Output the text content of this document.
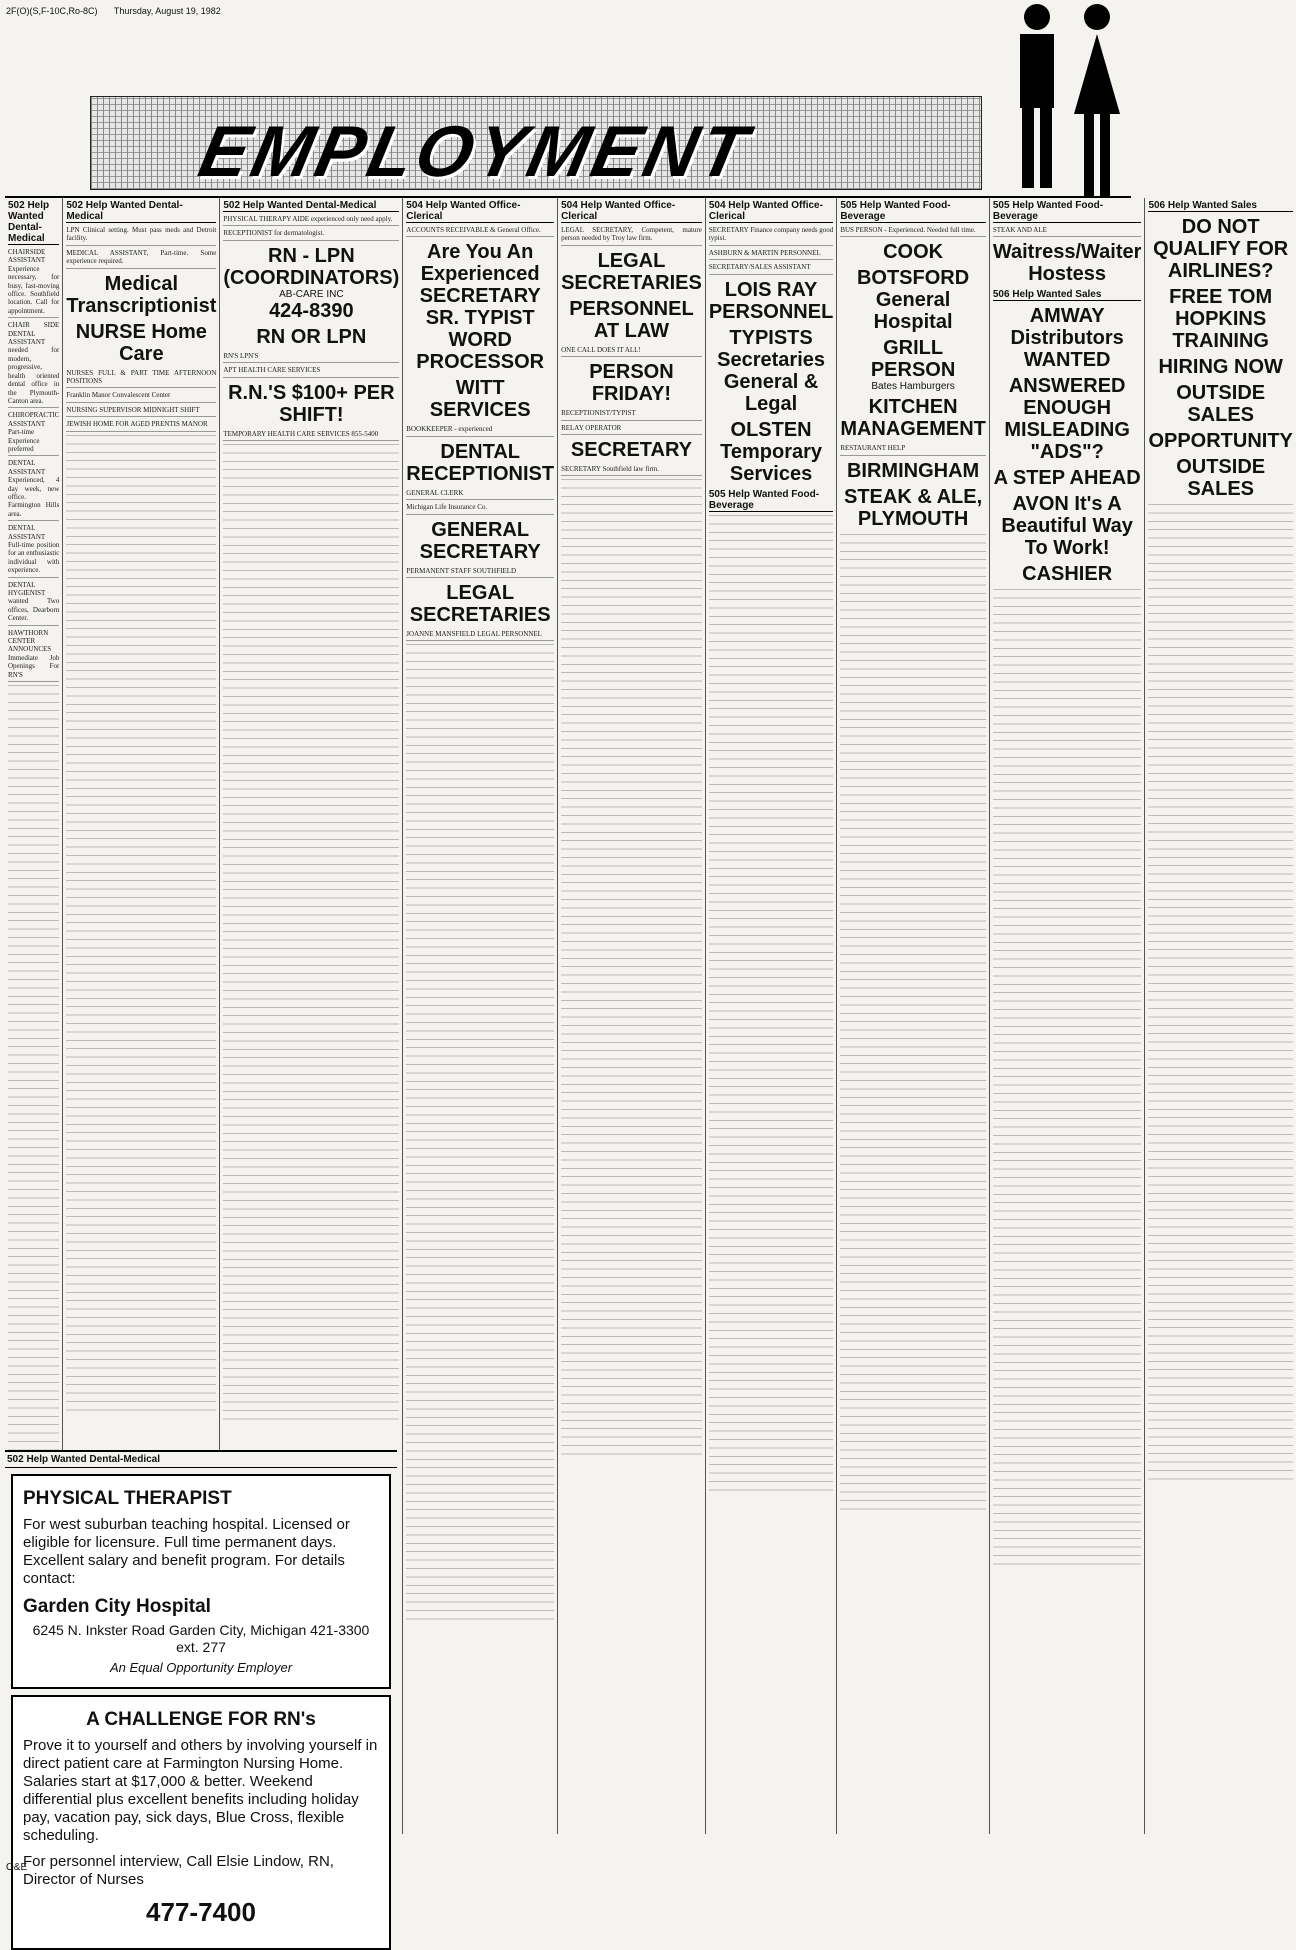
2F(O)(S,F-10C,Ro-8C) Thursday, August 19, 1982
EMPLOYMENT
502 Help Wanted Dental-Medical
CHAIRSIDE ASSISTANT Experience necessary, for busy, fast-moving office. Southfield location. Call for appointment.
CHAIR SIDE DENTAL ASSISTANT needed for modern, progressive, health oriented dental office in the Plymouth-Canton area.
CHIROPRACTIC ASSISTANT Part-time Experience preferred
DENTAL ASSISTANT Experienced, 4 day week, new office. Farmington Hills area.
DENTAL ASSISTANT Full-time position for an enthusiastic individual with experience.
DENTAL HYGIENIST wanted Two offices, Dearborn Center.
HAWTHORN CENTER ANNOUNCES Immediate Job Openings For RN'S
502 Help Wanted Dental-Medical
LPN Clinical setting. Must pass meds and Detroit facility.
MEDICAL ASSISTANT, Part-time. Some experience required.
Medical Transcriptionist
NURSE Home Care
NURSES FULL & PART TIME AFTERNOON POSITIONS
Franklin Manor Convalescent Center
NURSING SUPERVISOR MIDNIGHT SHIFT
JEWISH HOME FOR AGED PRENTIS MANOR
502 Help Wanted Dental-Medical
PHYSICAL THERAPY AIDE experienced only need apply.
RECEPTIONIST for dermatologist.
RN - LPN (COORDINATORS)
AB-CARE INC
424-8390
RN OR LPN
RN'S LPN'S
APT HEALTH CARE SERVICES
R.N.'S $100+ PER SHIFT!
TEMPORARY HEALTH CARE SERVICES 855-5400
504 Help Wanted Office-Clerical
ACCOUNTS RECEIVABLE & General Office.
Are You An Experienced SECRETARY SR. TYPIST WORD PROCESSOR
WITT SERVICES
BOOKKEEPER - experienced
DENTAL RECEPTIONIST
GENERAL CLERK
Michigan Life Insurance Co.
GENERAL SECRETARY
PERMANENT STAFF SOUTHFIELD
LEGAL SECRETARIES
JOANNE MANSFIELD LEGAL PERSONNEL
504 Help Wanted Office-Clerical
LEGAL SECRETARY, Competent, mature person needed by Troy law firm.
LEGAL SECRETARIES
PERSONNEL AT LAW
ONE CALL DOES IT ALL!
PERSON FRIDAY!
RECEPTIONIST/TYPIST
RELAY OPERATOR
SECRETARY
SECRETARY Southfield law firm.
504 Help Wanted Office-Clerical
SECRETARY Finance company needs good typist.
ASHBURN & MARTIN PERSONNEL
SECRETARY/SALES ASSISTANT
LOIS RAY PERSONNEL
TYPISTS Secretaries General & Legal
OLSTEN Temporary Services
505 Help Wanted Food-Beverage
505 Help Wanted Food-Beverage
BUS PERSON - Experienced. Needed full time.
COOK
BOTSFORD General Hospital
GRILL PERSON
Bates Hamburgers
KITCHEN MANAGEMENT
RESTAURANT HELP
BIRMINGHAM
STEAK & ALE, PLYMOUTH
505 Help Wanted Food-Beverage
STEAK AND ALE
Waitress/Waiter Hostess
506 Help Wanted Sales
AMWAY Distributors WANTED
ANSWERED ENOUGH MISLEADING "ADS"?
A STEP AHEAD
AVON It's A Beautiful Way To Work!
CASHIER
506 Help Wanted Sales
DO NOT QUALIFY FOR AIRLINES?
FREE TOM HOPKINS TRAINING
HIRING NOW
OUTSIDE SALES
OPPORTUNITY
OUTSIDE SALES
502 Help Wanted Dental-Medical
PHYSICAL THERAPIST

For west suburban teaching hospital. Licensed or eligible for licensure. Full time permanent days. Excellent salary and benefit program. For details contact:

Garden City Hospital
6245 N. Inkster Road Garden City, Michigan 421-3300 ext. 277
An Equal Opportunity Employer
A CHALLENGE FOR RN's

Prove it to yourself and others by involving yourself in direct patient care at Farmington Nursing Home. Salaries start at $17,000 & better. Weekend differential plus excellent benefits including holiday pay, vacation pay, sick days, Blue Cross, flexible scheduling.

For personnel interview, Call Elsie Lindow, RN, Director of Nurses

477-7400
O&E
